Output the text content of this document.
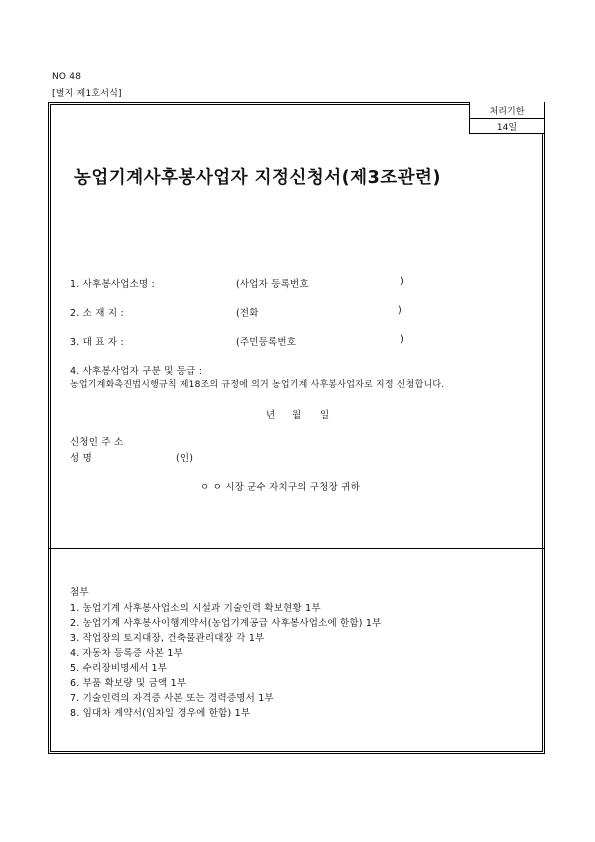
NO 48
[별지 제1호서식]
처리기한
14일
농업기계사후봉사업자 지정신청서(제3조관련)
1. 사후봉사업소명 :	(사업자 등록번호	)
2. 소 재 지 :	(전화	)
3. 대 표 자 :	(주민등록번호	)
4. 사후봉사업자 구분 및 등급 :
농업기계화촉진법시행규칙 제18조의 규정에 의거 농업기계 사후봉사업자로 지정 신청합니다.
년 월 일
신청인 주 소
성 명	(인)
ㅇ ㅇ 시장 군수 자치구의 구청장 귀하
첨부
1. 농업기계 사후봉사업소의 시설과 기술인력 확보현황 1부
2. 농업기계 사후봉사이행계약서(농업기계공급 사후봉사업소에 한함) 1부
3. 작업장의 토지대장, 건축물관리대장 각 1부
4. 자동차 등록증 사본 1부
5. 수리장비명세서 1부
6. 부품 확보량 및 금액 1부
7. 기술인력의 자격증 사본 또는 경력증명서 1부
8. 임대차 계약서(임차일 경우에 한함) 1부
